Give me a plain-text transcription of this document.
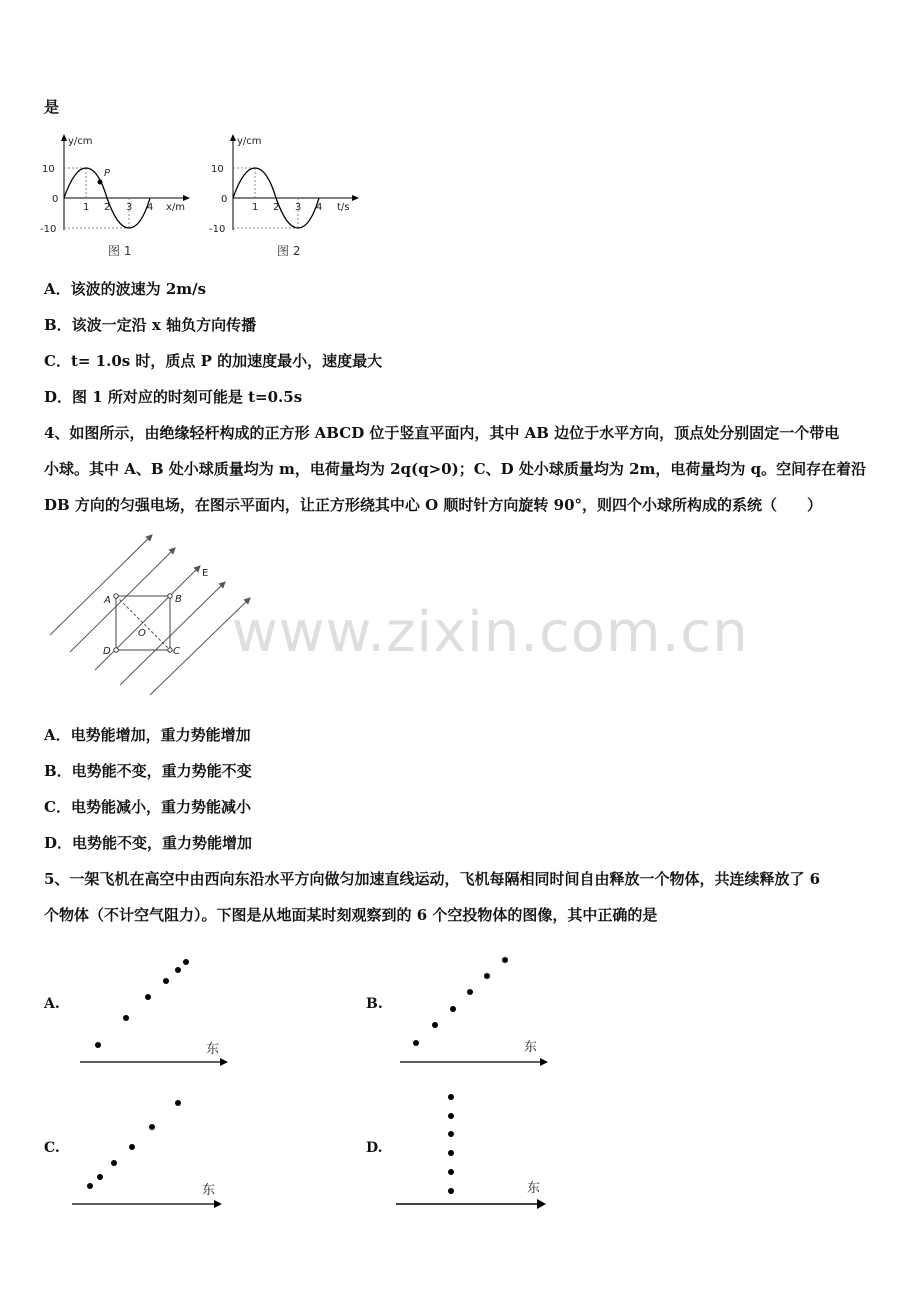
是
P
y/cm
x/m
10
0
-10
1 2 3 4
图 1
y/cm
t/s
10
0
-10
1 2 3 4
图 2
A．该波的波速为 2m/s
B．该波一定沿 x 轴负方向传播
C．t= 1.0s 时，质点 P 的加速度最小，速度最大
D．图 1 所对应的时刻可能是 t=0.5s
4、如图所示，由绝缘轻杆构成的正方形 ABCD 位于竖直平面内，其中 AB 边位于水平方向，顶点处分别固定一个带电
小球。其中 A、B 处小球质量均为 m，电荷量均为 2q(q>0)；C、D 处小球质量均为 2m，电荷量均为 q。空间存在着沿
DB 方向的匀强电场，在图示平面内，让正方形绕其中心 O 顺时针方向旋转 90°，则四个小球所构成的系统（　　）
A	B
C
D
O
E
www.zixin.com.cn
A．电势能增加，重力势能增加
B．电势能不变，重力势能不变
C．电势能减小，重力势能减小
D．电势能不变，重力势能增加
5、一架飞机在高空中由西向东沿水平方向做匀加速直线运动，飞机每隔相同时间自由释放一个物体，共连续释放了 6
个物体（不计空气阻力）。下图是从地面某时刻观察到的 6 个空投物体的图像，其中正确的是
A.
东
B.
东
C.
东
D.
东
